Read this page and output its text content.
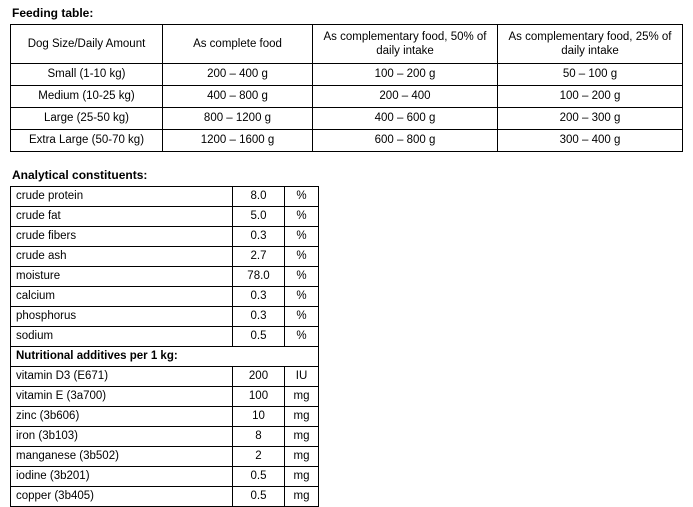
Feeding table:
Dog Size/Daily Amount	As complete food	As complementary food, 50% of daily intake	As complementary food, 25% of daily intake
Small (1-10 kg)	200 – 400 g	100 – 200 g	50 – 100 g
Medium (10-25 kg)	400 – 800 g	200 – 400	100 – 200 g
Large (25-50 kg)	800 – 1200 g	400 – 600 g	200 – 300 g
Extra Large (50-70 kg)	1200 – 1600 g	600 – 800 g	300 – 400 g
Analytical constituents:
crude protein	8.0	%
crude fat	5.0	%
crude fibers	0.3	%
crude ash	2.7	%
moisture	78.0	%
calcium	0.3	%
phosphorus	0.3	%
sodium	0.5	%
Nutritional additives per 1 kg:		
vitamin D3 (E671)	200	IU
vitamin E (3a700)	100	mg
zinc (3b606)	10	mg
iron (3b103)	8	mg
manganese (3b502)	2	mg
iodine (3b201)	0.5	mg
copper (3b405)	0.5	mg
